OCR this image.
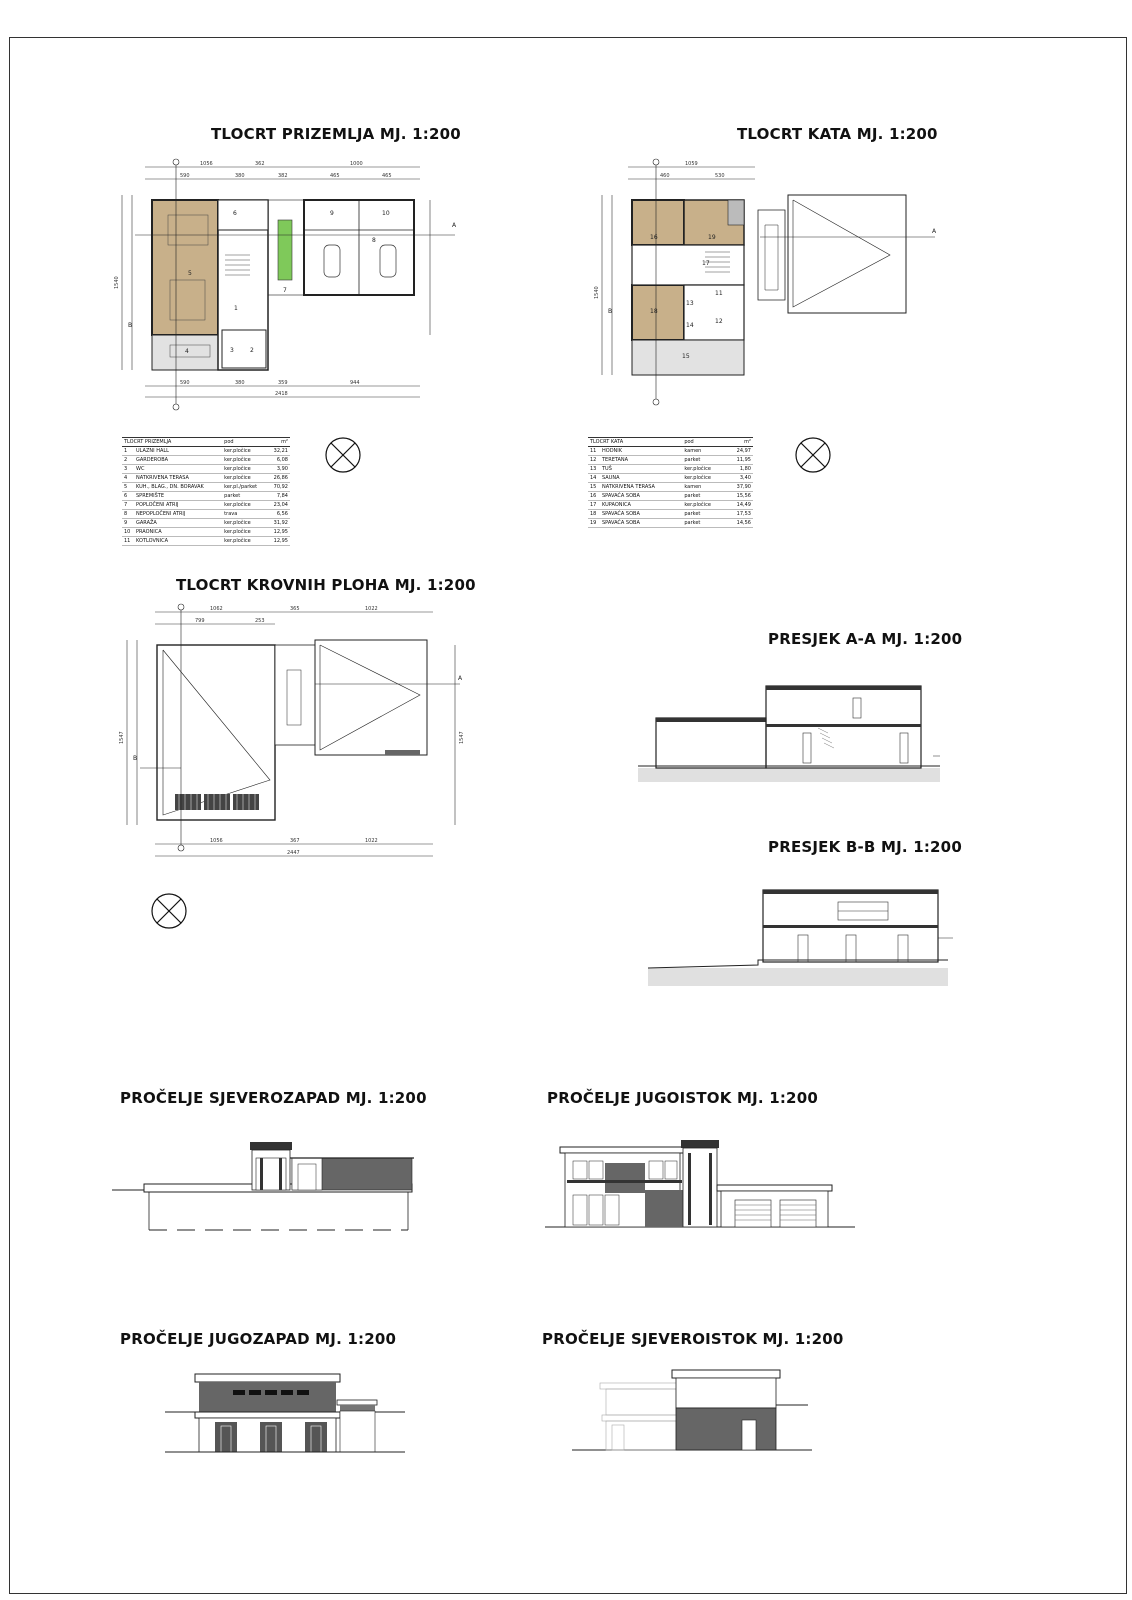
TLOCRT PRIZEMLJA MJ. 1:200	TLOCRT KATA MJ. 1:200
TLOCRT KROVNIH PLOHA MJ. 1:200
PRESJEK A-A MJ. 1:200
PRESJEK B-B MJ. 1:200
PROČELJE SJEVEROZAPAD MJ. 1:200	PROČELJE JUGOISTOK MJ. 1:200
PROČELJE JUGOZAPAD MJ. 1:200	PROČELJE SJEVEROISTOK MJ. 1:200
1056	362	1000
590	380	382	465	465
590	380	359	944
2418
1540
5
6
7
8
9	10
1
2
3
4
A
B
1059
460	530
1540	11
12
13
14
15
16
17
18
19
A
B
TLOCRT PRIZEMLJA		pod	m²
1	ULAZNI HALL	ker.pločice	32,21
2	GARDEROBA	ker.pločice	6,08
3	WC	ker.pločice	3,90
4	NATKRIVENA TERASA	ker.pločice	26,86
5	KUH., BLAG., DN. BORAVAK	ker.pl./parket	70,92
6	SPREMIŠTE	parket	7,84
7	POPLOČENI ATRIJ	ker.pločice	23,04
8	NEPOPLOČENI ATRIJ	trava	6,56
9	GARAŽA	ker.pločice	31,92
10	PRAONICA	ker.pločice	12,95
11	KOTLOVNICA	ker.pločice	12,95
TLOCRT KATA		pod	m²
11	HODNIK	kamen	24,97
12	TERETANA	parket	11,95
13	TUŠ	ker.pločice	1,80
14	SAUNA	ker.pločice	3,40
15	NATKRIVENA TERASA	kamen	37,90
16	SPAVAĆA SOBA	parket	15,56
17	KUPAONICA	ker.pločice	14,49
18	SPAVAĆA SOBA	parket	17,53
19	SPAVAĆA SOBA	parket	14,56
1062	365	1022
799	253
1056	367	1022
2447
1547	1547
A
B
